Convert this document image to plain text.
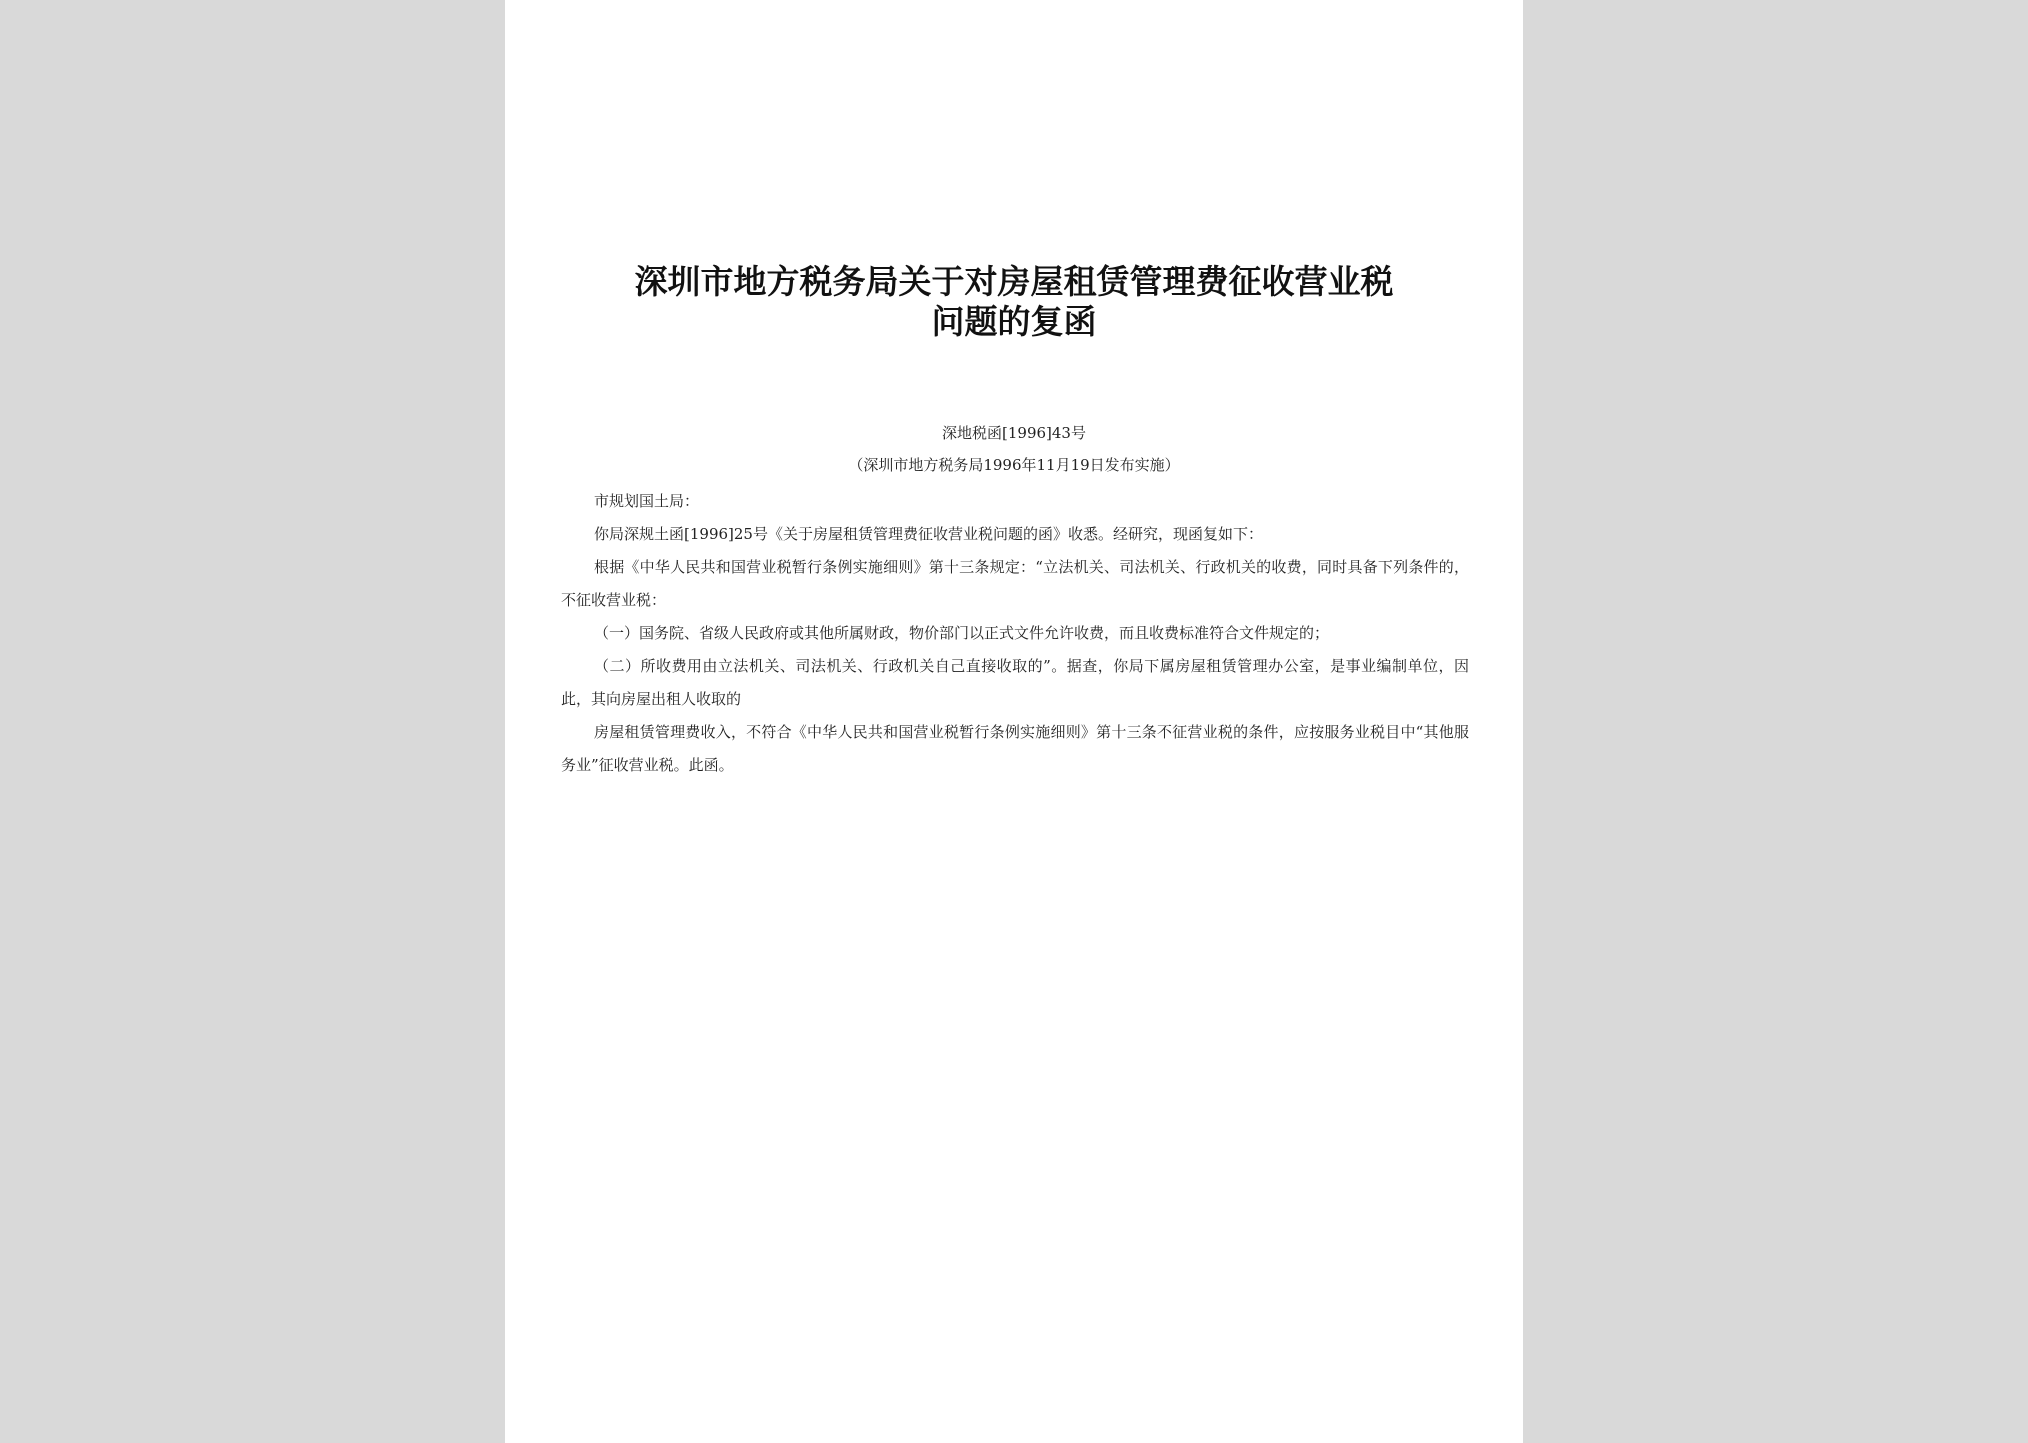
深圳市地方税务局关于对房屋租赁管理费征收营业税
问题的复函
深地税函[1996]43号
（深圳市地方税务局1996年11月19日发布实施）

市规划国土局：

你局深规土函[1996]25号《关于房屋租赁管理费征收营业税问题的函》收悉。经研究，现函复如下：

根据《中华人民共和国营业税暂行条例实施细则》第十三条规定：“立法机关、司法机关、行政机关的收费，同时具备下列条件的，不征收营业税：

（一）国务院、省级人民政府或其他所属财政，物价部门以正式文件允许收费，而且收费标准符合文件规定的；

（二）所收费用由立法机关、司法机关、行政机关自己直接收取的”。据查，你局下属房屋租赁管理办公室，是事业编制单位，因此，其向房屋出租人收取的

房屋租赁管理费收入，不符合《中华人民共和国营业税暂行条例实施细则》第十三条不征营业税的条件，应按服务业税目中“其他服务业”征收营业税。此函。
